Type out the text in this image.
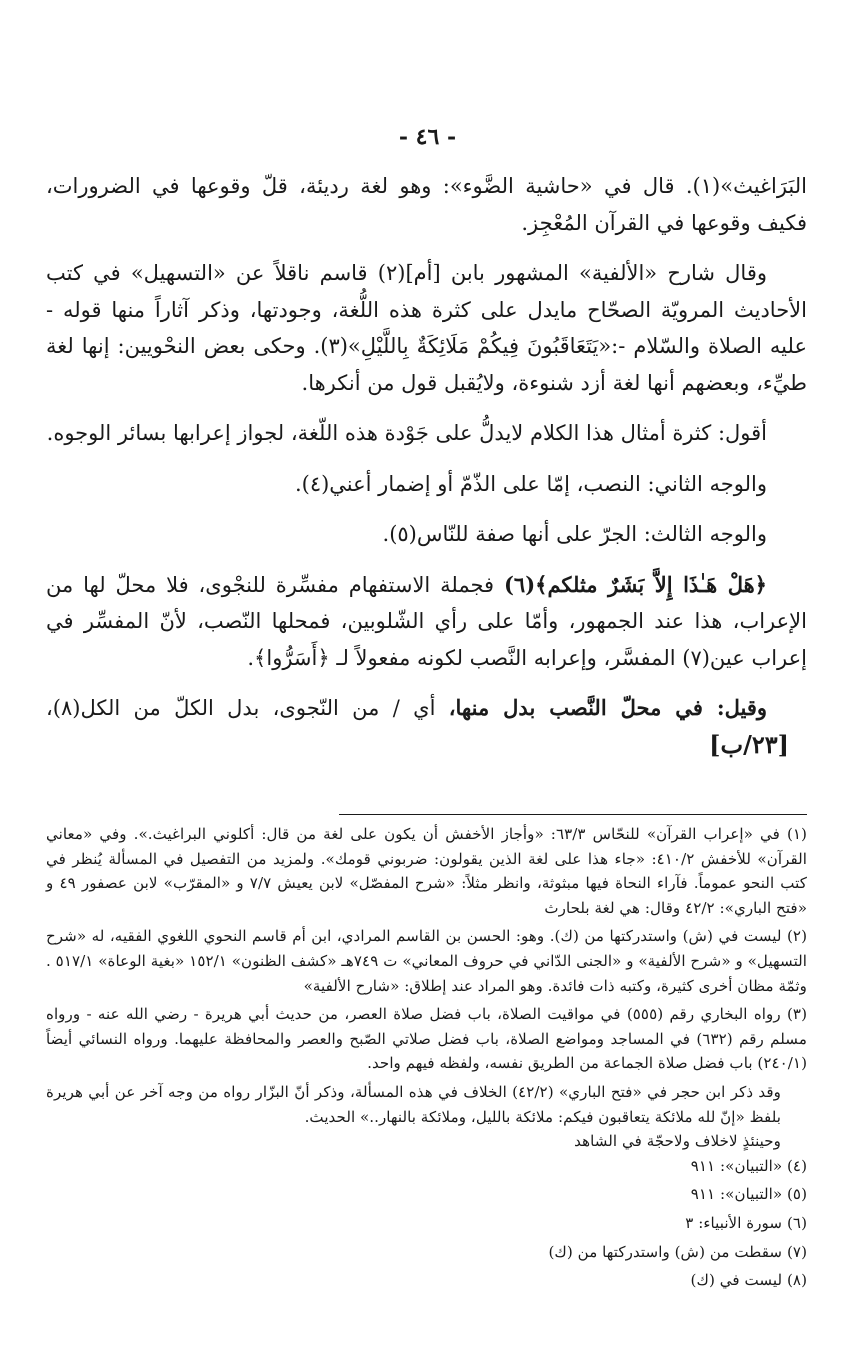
- ٤٦ -

البَرَاغيث»(١). قال في «حاشية الضَّوء»: وهو لغة رديئة، قلّ وقوعها في الضرورات، فكيف وقوعها في القرآن المُعْجِز.

وقال شارح «الألفية» المشهور بابن [أم](٢) قاسم ناقلاً عن «التسهيل» في كتب الأحاديث المرويّة الصحّاح مايدل على كثرة هذه اللُّغة، وجودتها، وذكر آثاراً منها قوله - عليه الصلاة والسّلام -:«يَتَعَاقَبُونَ فِيكُمْ مَلَائِكَةٌ بِاللَّيْلِ»(٣). وحكى بعض النحْويين: إنها لغة طيِّء، وبعضهم أنها لغة أزد شنوءة، ولايُقبل قول من أنكرها.

أقول: كثرة أمثال هذا الكلام لايدلُّ على جَوْدة هذه اللّغة، لجواز إعرابها بسائر الوجوه.

والوجه الثاني: النصب، إمّا على الذّمّ أو إضمار أعني(٤).

والوجه الثالث: الجرّ على أنها صفة للنّاس(٥).

﴿هَلْ هَـٰذَا إِلاَّ بَشَرٌ مثلكم﴾(٦) فجملة الاستفهام مفسِّرة للنجْوى، فلا محلّ لها من الإعراب، هذا عند الجمهور، وأمّا على رأي الشّلوبين، فمحلها النّصب، لأنّ المفسِّر في إعراب عين(٧) المفسَّر، وإعرابه النَّصب لكونه مفعولاً لـ ﴿أَسَرُّوا﴾.

وقيل: في محلّ النَّصب بدل منها، أي / من النّجوى، بدل الكلّ من الكل(٨)،[٢٣/ب]

(١) في «إعراب القرآن» للنحّاس ٦٣/٣: «وأجاز الأخفش أن يكون على لغة من قال: أكلوني البراغيث.». وفي «معاني القرآن» للأخفش ٤١٠/٢: «جاء هذا على لغة الذين يقولون: ضربوني قومك». ولمزيد من التفصيل في المسألة يُنظر في كتب النحو عموماً. فآراء النحاة فيها مبثوثة، وانظر مثلاً: «شرح المفصّل» لابن يعيش ٧/٧ و «المقرّب» لابن عصفور ٤٩ و «فتح الباري»: ٤٢/٢ وقال: هي لغة بلحارث

(٢) ليست في (ش) واستدركتها من (ك). وهو: الحسن بن القاسم المرادي، ابن أم قاسم النحوي اللغوي الفقيه، له «شرح التسهيل» و «شرح الألفية» و «الجنى الدّاني في حروف المعاني» ت ٧٤٩هـ «كشف الظنون» ١٥٢/١ «بغية الوعاة» ٥١٧/١ . وثمّة مظان أخرى كثيرة، وكتبه ذات فائدة. وهو المراد عند إطلاق: «شارح الألفية»

(٣) رواه البخاري رقم (٥٥٥) في مواقيت الصلاة، باب فضل صلاة العصر، من حديث أبي هريرة - رضي الله عنه - ورواه مسلم رقم (٦٣٢) في المساجد ومواضع الصلاة، باب فضل صلاتي الصّبح والعصر والمحافظة عليهما. ورواه النسائي أيضاً (٢٤٠/١) باب فضل صلاة الجماعة من الطريق نفسه، ولفظه فيهم واحد.

وقد ذكر ابن حجر في «فتح الباري» (٤٢/٢) الخلاف في هذه المسألة، وذكر أنّ البزّار رواه من وجه آخر عن أبي هريرة بلفظ «إنّ لله ملائكة يتعاقبون فيكم: ملائكة بالليل، وملائكة بالنهار..» الحديث.

وحينئذٍ لاخلاف ولاحجّة في الشاهد

(٤) «التبيان»: ٩١١

(٥) «التبيان»: ٩١١

(٦) سورة الأنبياء: ٣

(٧) سقطت من (ش) واستدركتها من (ك)

(٨) ليست في (ك)
